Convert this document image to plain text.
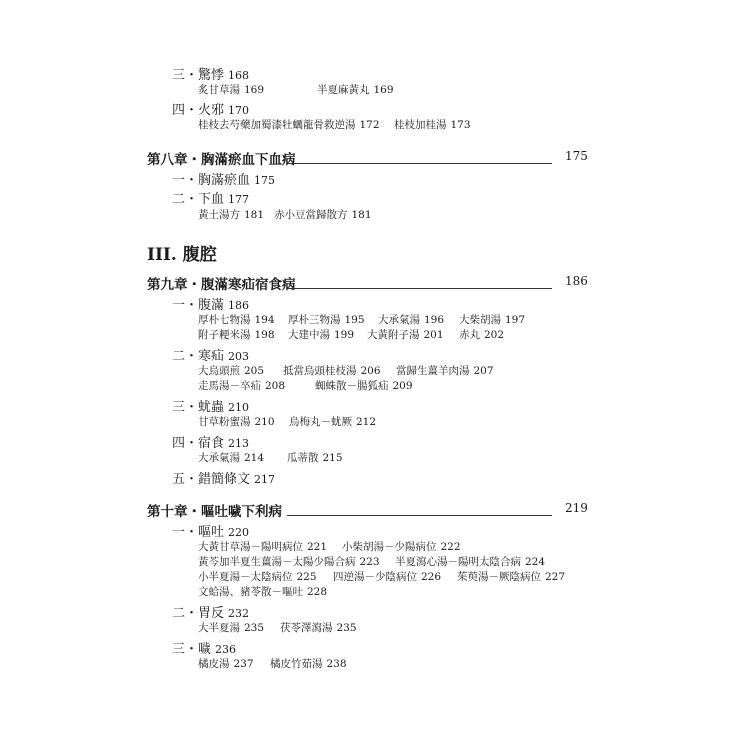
三・驚悸 168
炙甘草湯 169	半夏麻黃丸 169
四・火邪 170
桂枝去芍藥加蜀漆牡蠣龍骨救逆湯 172 桂枝加桂湯 173
第八章・胸滿瘀血下血病	175
一・胸滿瘀血 175
二・下血 177
黃土湯方 181 赤小豆當歸散方 181
III. 腹腔
第九章・腹滿寒疝宿食病	186
一・腹滿 186
厚朴七物湯 194 厚朴三物湯 195 大承氣湯 196 大柴胡湯 197
附子粳米湯 198 大建中湯 199 大黃附子湯 201 赤丸 202
二・寒疝 203
大烏頭煎 205 抵當烏頭桂枝湯 206 當歸生薑羊肉湯 207
走馬湯－卒疝 208	蜘蛛散－腸狐疝 209
三・蚘蟲 210
甘草粉蜜湯 210 烏梅丸－蚘厥 212
四・宿食 213
大承氣湯 214 瓜蒂散 215
五・錯簡條文 217
第十章・嘔吐噦下利病	219
一・嘔吐 220
大黃甘草湯－陽明病位 221 小柴胡湯－少陽病位 222
黃芩加半夏生薑湯－太陽少陽合病 223 半夏瀉心湯－陽明太陰合病 224
小半夏湯－太陰病位 225 四逆湯－少陰病位 226 茱萸湯－厥陰病位 227
文蛤湯、豬苓散－嘔吐 228
二・胃反 232
大半夏湯 235 茯苓澤瀉湯 235
三・噦 236
橘皮湯 237 橘皮竹茹湯 238
